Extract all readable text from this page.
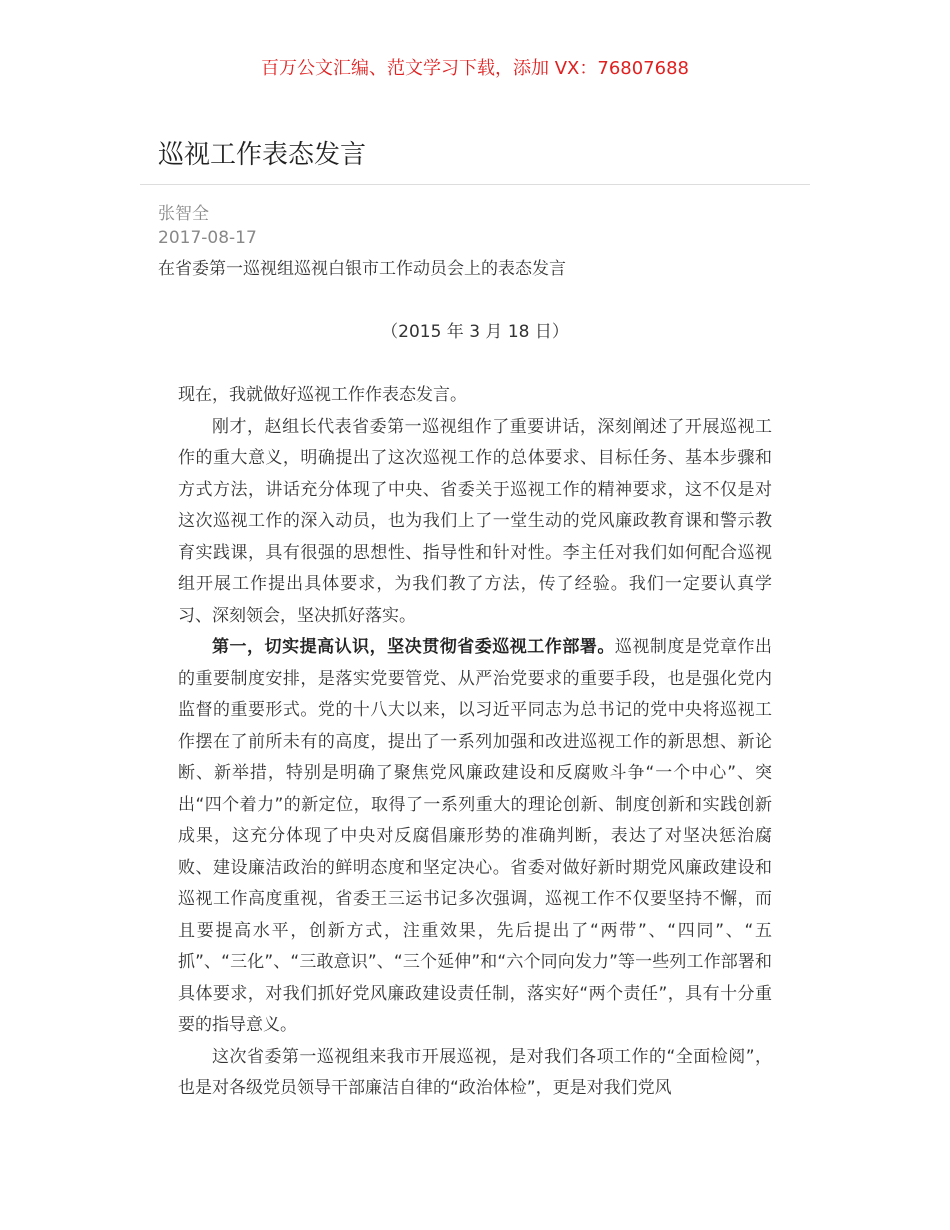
百万公文汇编、范文学习下载，添加 VX：76807688
巡视工作表态发言
张智全
2017-08-17
在省委第一巡视组巡视白银市工作动员会上的表态发言
（2015 年 3 月 18 日）

现在，我就做好巡视工作作表态发言。

刚才，赵组长代表省委第一巡视组作了重要讲话，深刻阐述了开展巡视工作的重大意义，明确提出了这次巡视工作的总体要求、目标任务、基本步骤和方式方法，讲话充分体现了中央、省委关于巡视工作的精神要求，这不仅是对这次巡视工作的深入动员，也为我们上了一堂生动的党风廉政教育课和警示教育实践课，具有很强的思想性、指导性和针对性。李主任对我们如何配合巡视组开展工作提出具体要求，为我们教了方法，传了经验。我们一定要认真学习、深刻领会，坚决抓好落实。

第一，切实提高认识，坚决贯彻省委巡视工作部署。巡视制度是党章作出的重要制度安排，是落实党要管党、从严治党要求的重要手段，也是强化党内监督的重要形式。党的十八大以来，以习近平同志为总书记的党中央将巡视工作摆在了前所未有的高度，提出了一系列加强和改进巡视工作的新思想、新论断、新举措，特别是明确了聚焦党风廉政建设和反腐败斗争“一个中心”、突出“四个着力”的新定位，取得了一系列重大的理论创新、制度创新和实践创新成果，这充分体现了中央对反腐倡廉形势的准确判断，表达了对坚决惩治腐败、建设廉洁政治的鲜明态度和坚定决心。省委对做好新时期党风廉政建设和巡视工作高度重视，省委王三运书记多次强调，巡视工作不仅要坚持不懈，而且要提高水平，创新方式，注重效果，先后提出了“两带”、“四同”、“五抓”、“三化”、“三敢意识”、“三个延伸”和“六个同向发力”等一些列工作部署和具体要求，对我们抓好党风廉政建设责任制，落实好“两个责任”，具有十分重要的指导意义。

这次省委第一巡视组来我市开展巡视，是对我们各项工作的“全面检阅”，也是对各级党员领导干部廉洁自律的“政治体检”，更是对我们党风
